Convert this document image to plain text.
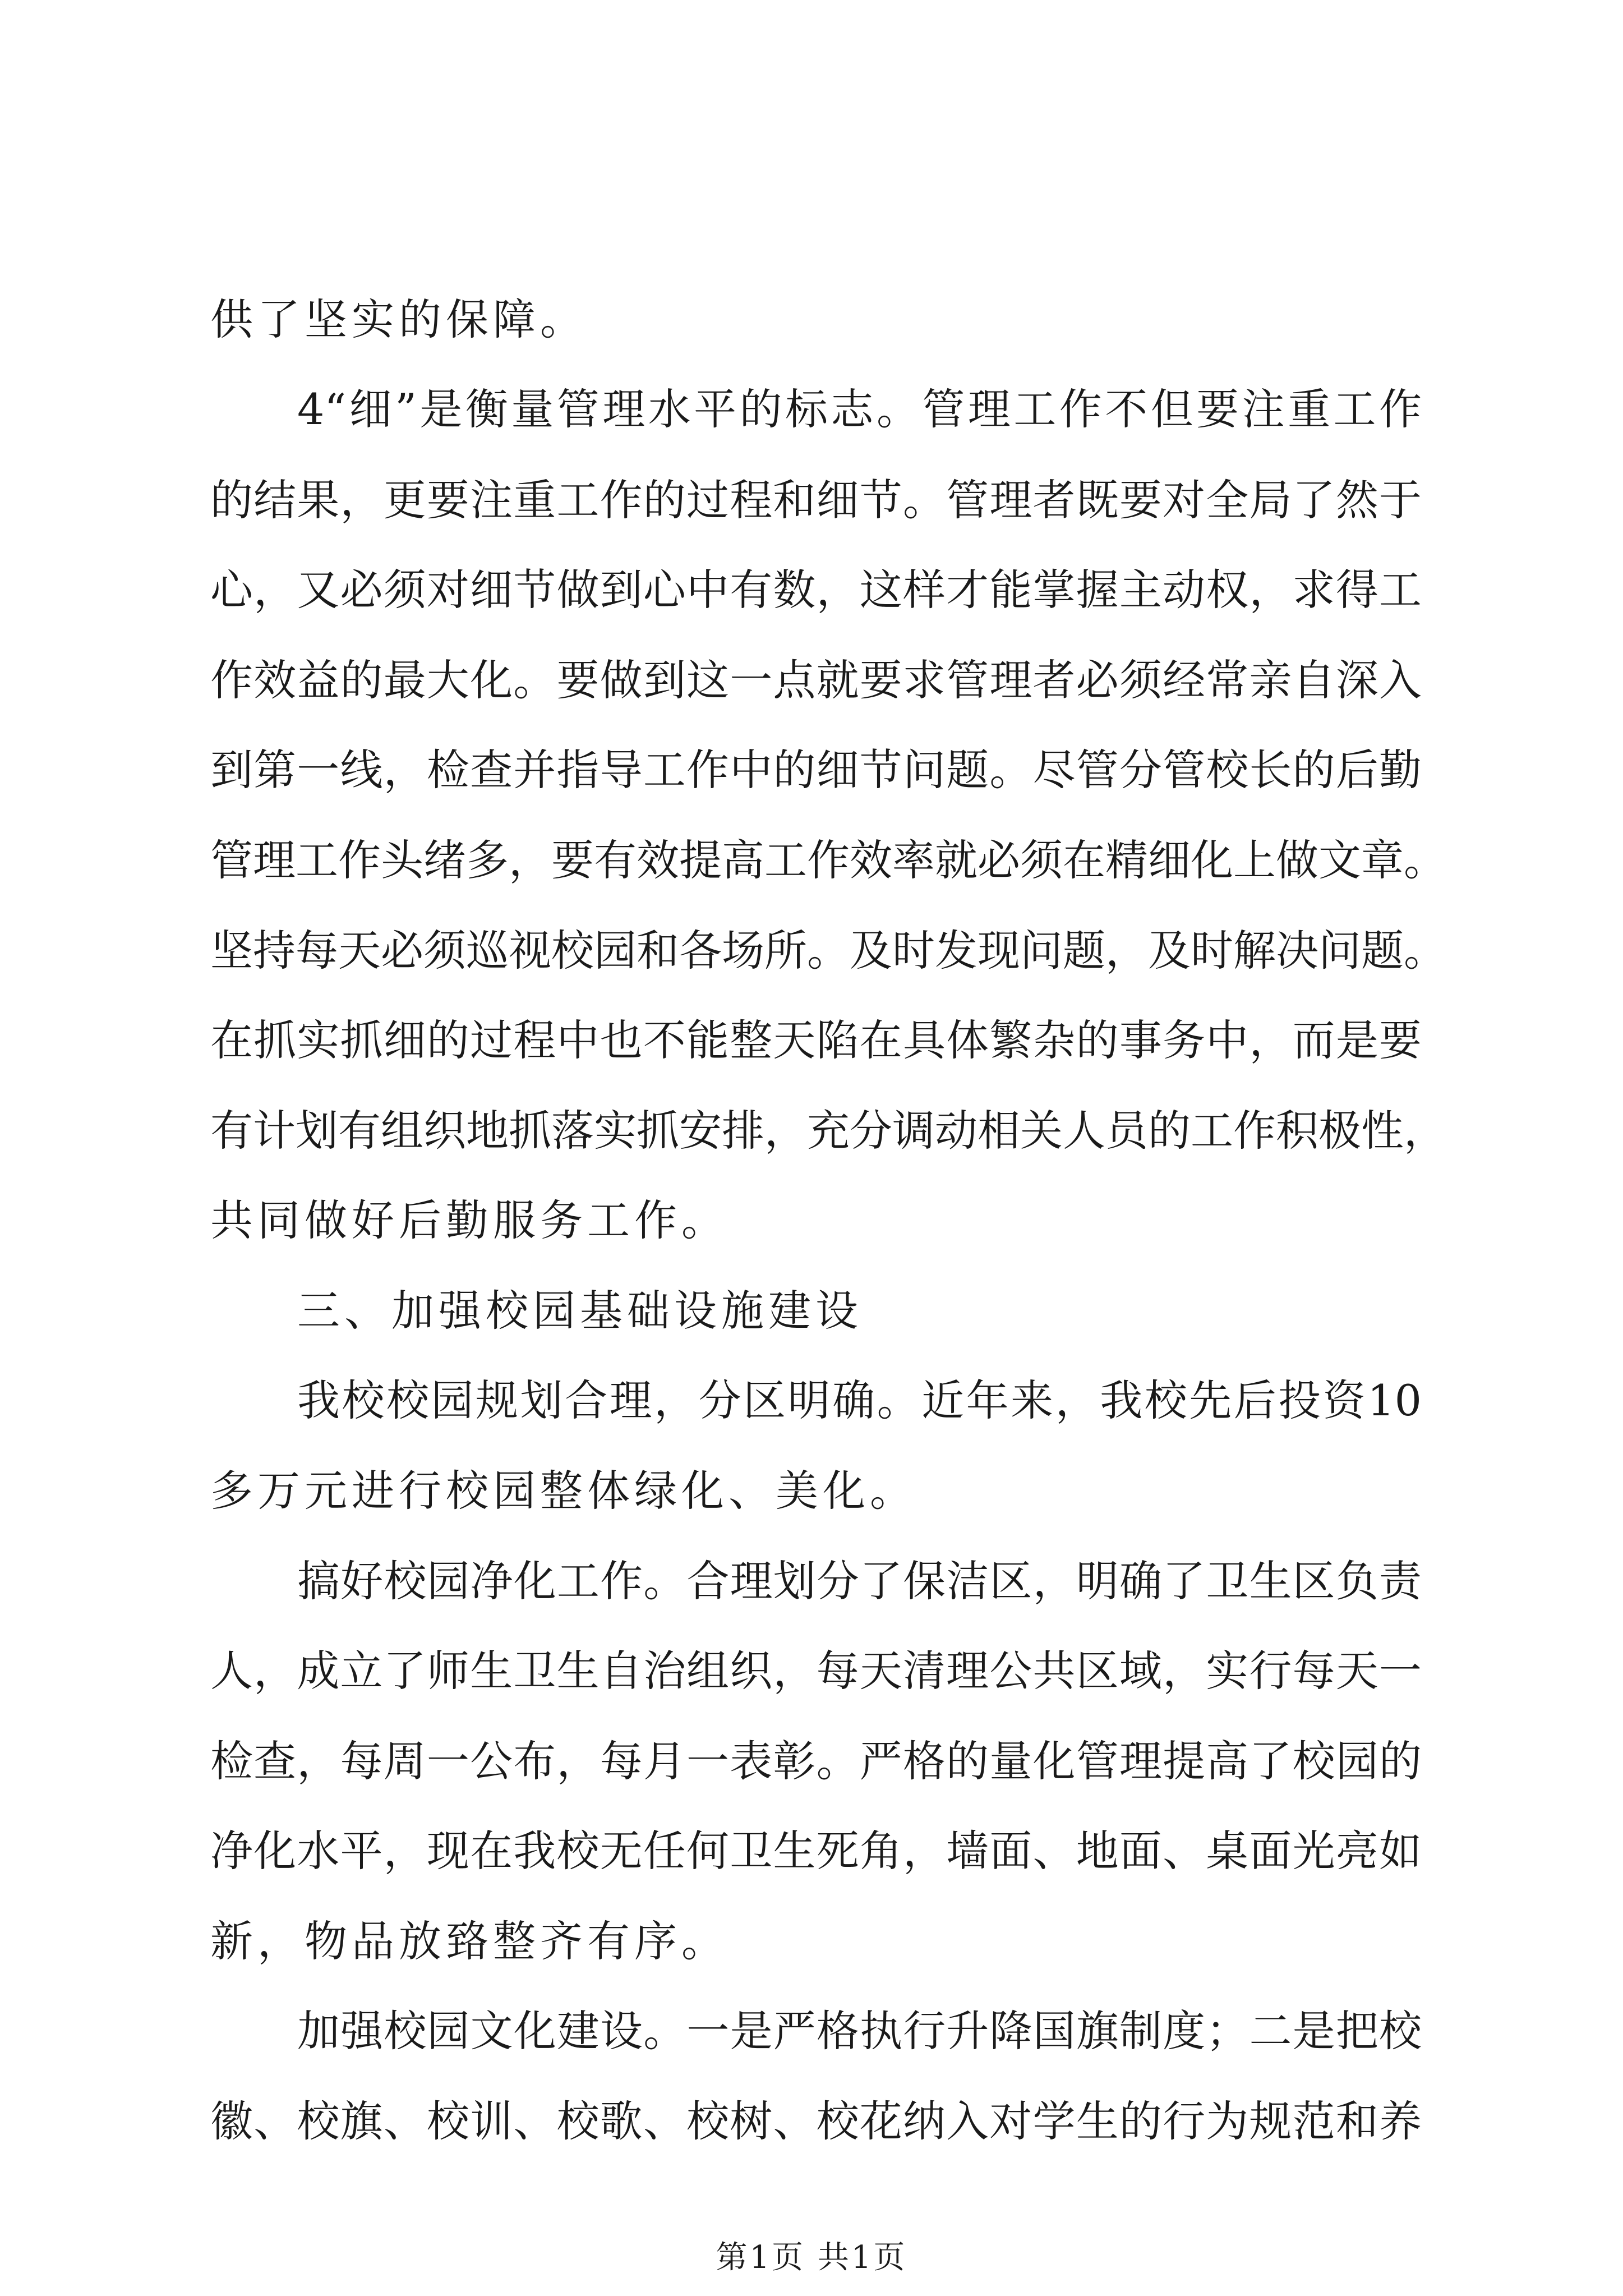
供了坚实的保障。
4“细”是衡量管理水平的标志。管理工作不但要注重工作
的结果，更要注重工作的过程和细节。管理者既要对全局了然于
心，又必须对细节做到心中有数，这样才能掌握主动权，求得工
作效益的最大化。要做到这一点就要求管理者必须经常亲自深入
到第一线，检查并指导工作中的细节问题。尽管分管校长的后勤
管理工作头绪多，要有效提高工作效率就必须在精细化上做文章。
坚持每天必须巡视校园和各场所。及时发现问题，及时解决问题。
在抓实抓细的过程中也不能整天陷在具体繁杂的事务中，而是要
有计划有组织地抓落实抓安排，充分调动相关人员的工作积极性，
共同做好后勤服务工作。
三、加强校园基础设施建设
我校校园规划合理，分区明确。近年来，我校先后投资10
多万元进行校园整体绿化、美化。
搞好校园净化工作。合理划分了保洁区，明确了卫生区负责
人，成立了师生卫生自治组织，每天清理公共区域，实行每天一
检查，每周一公布，每月一表彰。严格的量化管理提高了校园的
净化水平，现在我校无任何卫生死角，墙面、地面、桌面光亮如
新，物品放臵整齐有序。
加强校园文化建设。一是严格执行升降国旗制度；二是把校
徽、校旗、校训、校歌、校树、校花纳入对学生的行为规范和养
第1页 共1页
